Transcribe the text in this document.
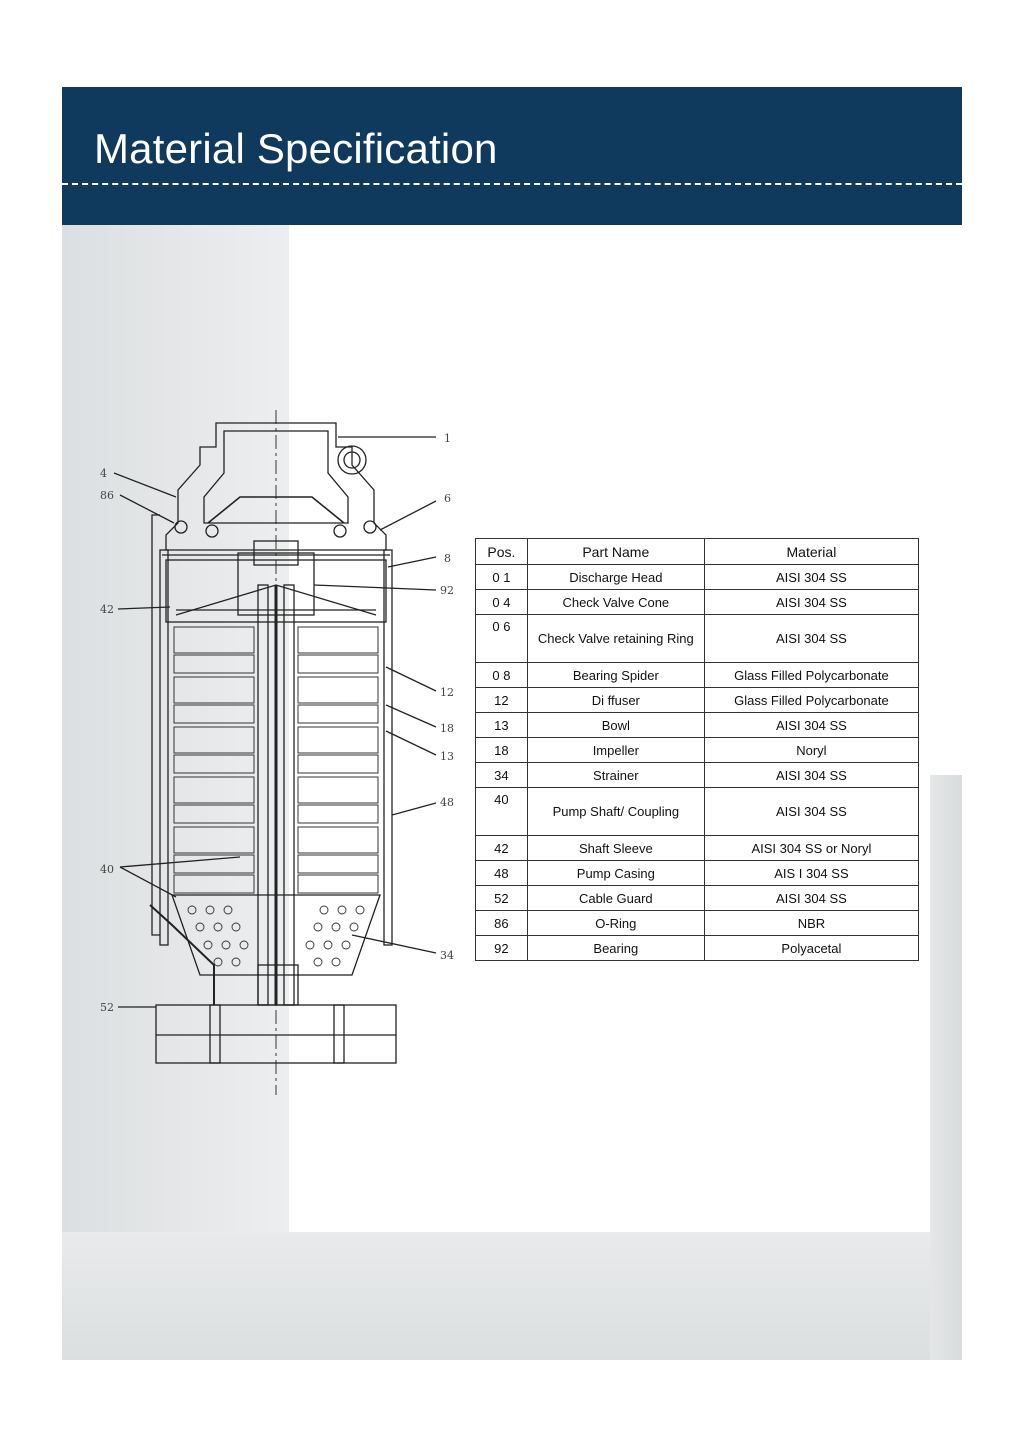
Material Specification
1
4
86	6
8
92
42
12
18
13
48
40
34
52
Pos.	Part Name	Material
0 1	Discharge Head	AISI 304 SS
0 4	Check Valve Cone	AISI 304 SS
0 6	Check Valve retaining Ring	AISI 304 SS
0 8	Bearing Spider	Glass Filled Polycarbonate
12	Di ffuser	Glass Filled Polycarbonate
13	Bowl	AISI 304 SS
18	Impeller	Noryl
34	Strainer	AISI 304 SS
40	Pump Shaft/ Coupling	AISI 304 SS
42	Shaft Sleeve	AISI 304 SS or Noryl
48	Pump Casing	AIS I 304 SS
52	Cable Guard	AISI 304 SS
86	O-Ring	NBR
92	Bearing	Polyacetal
